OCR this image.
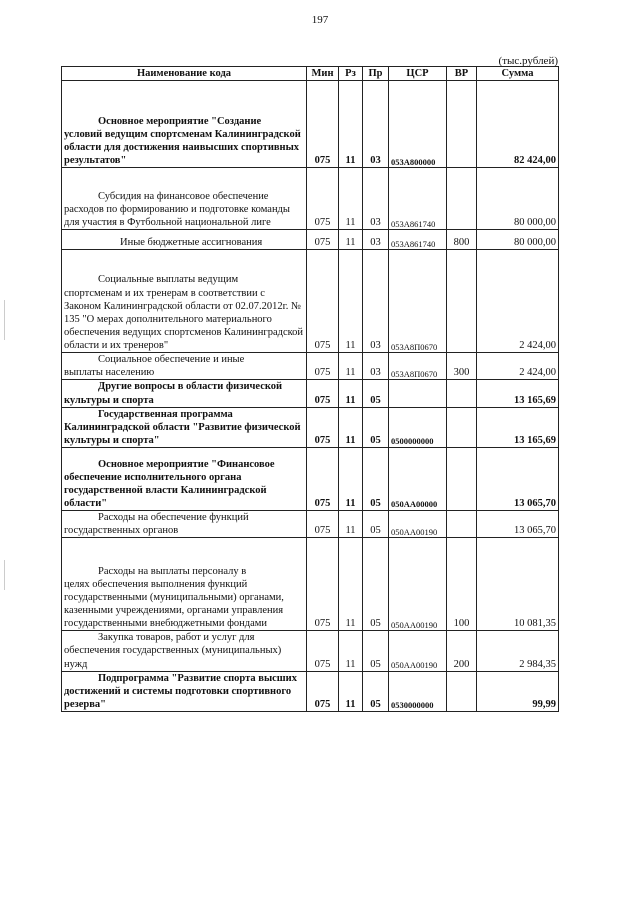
197
(тыс.рублей)
Наименование кода	Мин	Рз	Пр	ЦСР	ВР	Сумма
Основное мероприятие "Создание
условий ведущим спортсменам Калининградской области для достижения наивысших спортивных результатов"	075	11	03	053А800000		82 424,00
Субсидия на финансовое обеспечение
расходов по формированию и подготовке команды для участия в Футбольной национальной лиге	075	11	03	053А861740		80 000,00
Иные бюджетные ассигнования	075	11	03	053А861740	800	80 000,00
Социальные выплаты ведущим
спортсменам и их тренерам в соответствии с Законом Калининградской области от 02.07.2012г. № 135 "О мерах дополнительного материального обеспечения ведущих спортсменов Калининградской области и их тренеров"	075	11	03	053А8П0670		2 424,00
Социальное обеспечение и иные
выплаты населению	075	11	03	053А8П0670	300	2 424,00
Другие вопросы в области физической
культуры и спорта	075	11	05			13 165,69
Государственная программа
Калининградской области "Развитие физической культуры и спорта"	075	11	05	0500000000		13 165,69
Основное мероприятие "Финансовое
обеспечение исполнительного органа государственной власти Калининградской области"	075	11	05	050АА00000		13 065,70
Расходы на обеспечение функций
государственных органов	075	11	05	050АА00190		13 065,70
Расходы на выплаты персоналу в
целях обеспечения выполнения функций государственными (муниципальными) органами, казенными учреждениями, органами управления государственными внебюджетными фондами	075	11	05	050АА00190	100	10 081,35
Закупка товаров, работ и услуг для
обеспечения государственных (муниципальных) нужд	075	11	05	050АА00190	200	2 984,35
Подпрограмма "Развитие спорта высших
достижений и системы подготовки спортивного резерва"	075	11	05	0530000000		99,99
